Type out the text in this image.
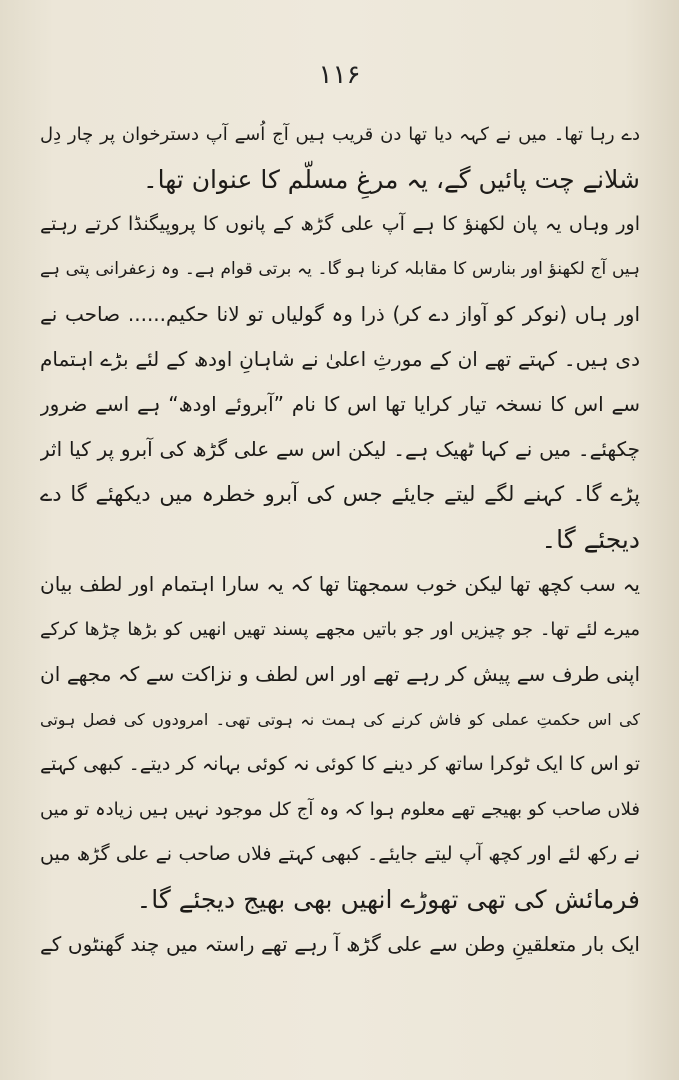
۱۱۶
دے رہا تھا۔ میں نے کہہ دیا تھا دن قریب ہیں آج اُسے آپ دسترخوان پر چار دِل
شلانے چت پائیں گے، یہ مرغِ مسلّم کا عنوان تھا۔
اور وہاں یہ پان لکھنؤ کا ہے آپ علی گڑھ کے پانوں کا پروپیگنڈا کرتے رہتے
ہیں آج لکھنؤ اور بنارس کا مقابلہ کرنا ہو گا۔ یہ برتی قوام ہے۔ وہ زعفرانی پتی ہے
اور ہاں (نوکر کو آواز دے کر) ذرا وہ گولیاں تو لانا حکیم...... صاحب نے
دی ہیں۔ کہتے تھے ان کے مورثِ اعلیٰ نے شاہانِ اودھ کے لئے بڑے اہتمام
سے اس کا نسخہ تیار کرایا تھا اس کا نام ”آبروئے اودھ“ ہے اسے ضرور
چکھئے۔ میں نے کہا ٹھیک ہے۔ لیکن اس سے علی گڑھ کی آبرو پر کیا اثر
پڑے گا۔ کہنے لگے لیتے جایئے جس کی آبرو خطرہ میں دیکھئے گا دے
دیجئے گا۔
یہ سب کچھ تھا لیکن خوب سمجھتا تھا کہ یہ سارا اہتمام اور لطف بیان
میرے لئے تھا۔ جو چیزیں اور جو باتیں مجھے پسند تھیں انھیں کو بڑھا چڑھا کرکے
اپنی طرف سے پیش کر رہے تھے اور اس لطف و نزاکت سے کہ مجھے ان
کی اس حکمتِ عملی کو فاش کرنے کی ہمت نہ ہوتی تھی۔ امرودوں کی فصل ہوتی
تو اس کا ایک ٹوکرا ساتھ کر دینے کا کوئی نہ کوئی بہانہ کر دیتے۔ کبھی کہتے
فلاں صاحب کو بھیجے تھے معلوم ہوا کہ وہ آج کل موجود نہیں ہیں زیادہ تو میں
نے رکھ لئے اور کچھ آپ لیتے جایئے۔ کبھی کہتے فلاں صاحب نے علی گڑھ میں
فرمائش کی تھی تھوڑے انھیں بھی بھیج دیجئے گا۔
ایک بار متعلقینِ وطن سے علی گڑھ آ رہے تھے راستہ میں چند گھنٹوں کے
